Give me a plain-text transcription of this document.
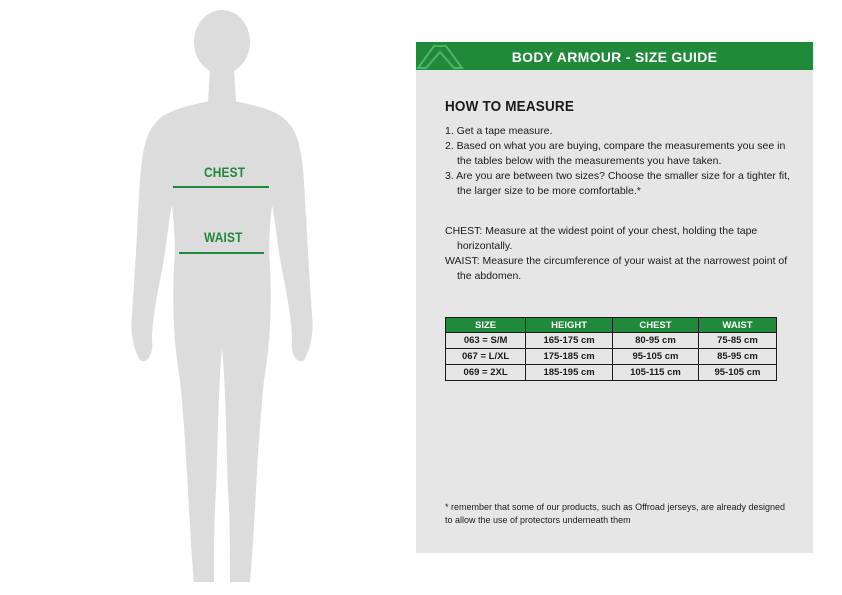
CHEST
WAIST
BODY ARMOUR - SIZE GUIDE
HOW TO MEASURE
1. Get a tape measure.
2. Based on what you are buying, compare the measurements you see in the tables below with the measurements you have taken.
3. Are you are between two sizes? Choose the smaller size for a tighter fit, the larger size to be more comfortable.*
CHEST: Measure at the widest point of your chest, holding the tape horizontally.
WAIST: Measure the circumference of your waist at the narrowest point of the abdomen.
SIZE	HEIGHT	CHEST	WAIST
063 = S/M	165-175 cm	80-95 cm	75-85 cm
067 = L/XL	175-185 cm	95-105 cm	85-95 cm
069 = 2XL	185-195 cm	105-115 cm	95-105 cm
* remember that some of our products, such as Offroad jerseys, are already designed to allow the use of protectors underneath them
